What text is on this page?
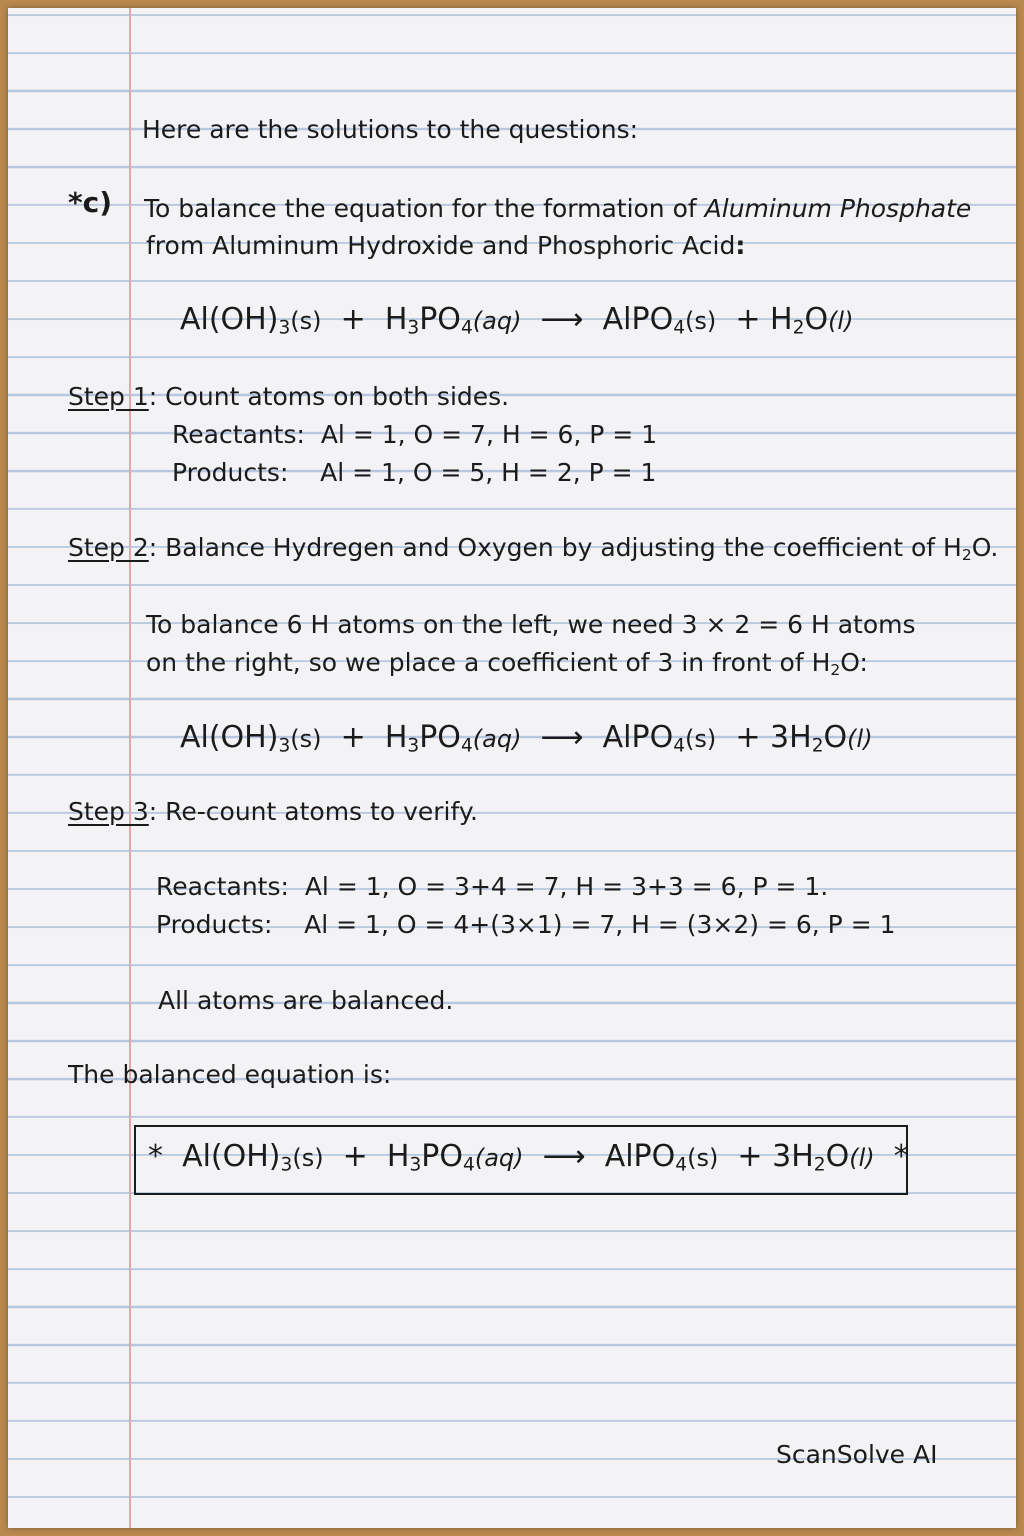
Here are the solutions to the questions:
*c) To balance the equation for the formation of Aluminum Phosphate
from Aluminum Hydroxide and Phosphoric Acid:
$Al(OH)_3(s) + H_3PO_4(aq)$ ⟶ AlPO$_4$(s) + $H_2O(l)$
Step 1: Count atoms on both sides.
Reactants: Al = 1, O = 7, H = 6, P = 1
Products: Al = 1, O = 5, H = 2, P = 1
Step 2: Balance Hydregen and Oxygen by adjusting the coefficient of $H_2O$.
To balance 6 H atoms on the left, we need 3 × 2 = 6 H atoms
on the right, so we place a coefficient of 3 in front of $H_2O$:
$Al(OH)_3(s) + H_3PO_4(aq)$ ⟶ AlPO$_4$(s) + $3H_2O(l)$
Step 3: Re-count atoms to verify.
Reactants: Al = 1, O = 3+4 = 7, H = 3+3 = 6, P = 1.
Products: Al = 1, O = 4+(3×1) = 7, H = (3×2) = 6, P = 1
All atoms are balanced.
The balanced equation is:
* $Al(OH)_3(s) + H_3PO_4(aq)$ ⟶ AlPO$_4$(s) + $3H_2O(l)$ *
ScanSolve AI
